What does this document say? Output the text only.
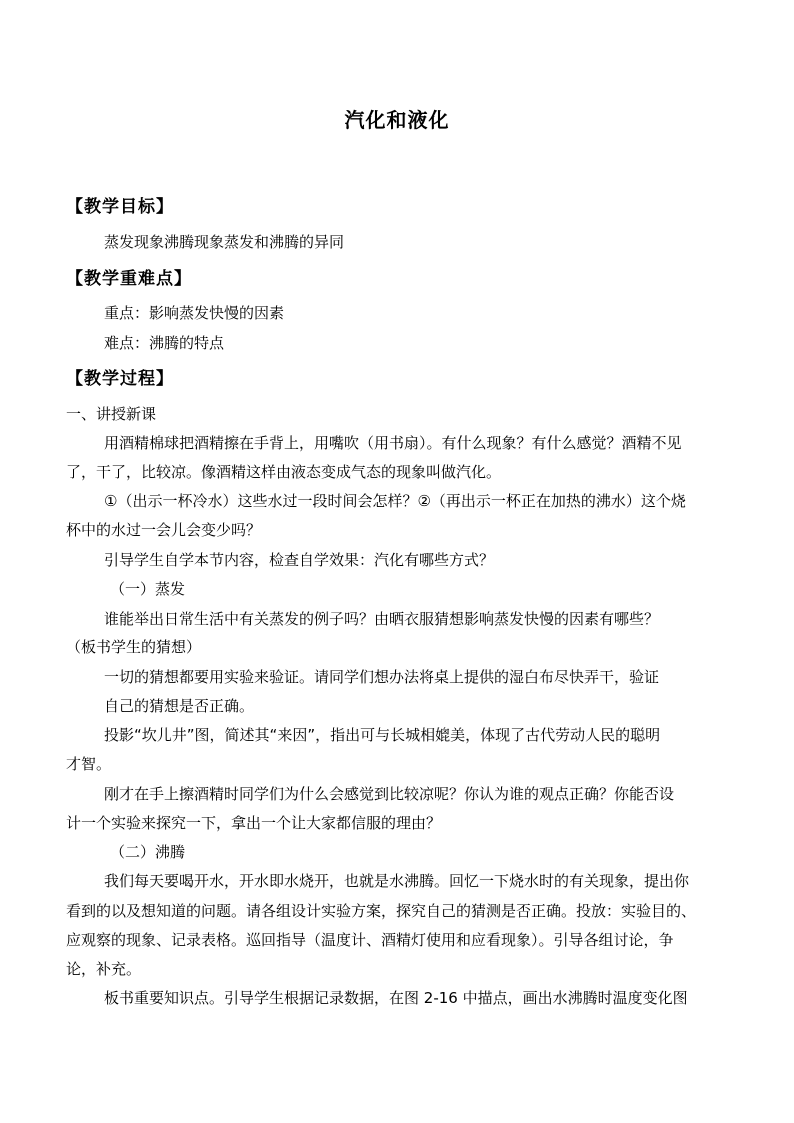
汽化和液化
【教学目标】
蒸发现象沸腾现象蒸发和沸腾的异同
【教学重难点】
重点：影响蒸发快慢的因素
难点：沸腾的特点
【教学过程】
一、讲授新课
用酒精棉球把酒精擦在手背上，用嘴吹（用书扇）。有什么现象？有什么感觉？酒精不见
了，干了，比较凉。像酒精这样由液态变成气态的现象叫做汽化。
①（出示一杯冷水）这些水过一段时间会怎样？②（再出示一杯正在加热的沸水）这个烧
杯中的水过一会儿会变少吗？
引导学生自学本节内容，检查自学效果：汽化有哪些方式？
（一）蒸发
谁能举出日常生活中有关蒸发的例子吗？由晒衣服猜想影响蒸发快慢的因素有哪些？
（板书学生的猜想）
一切的猜想都要用实验来验证。请同学们想办法将桌上提供的湿白布尽快弄干，验证
自己的猜想是否正确。
投影“坎儿井”图，简述其“来因”，指出可与长城相媲美，体现了古代劳动人民的聪明
才智。
刚才在手上擦酒精时同学们为什么会感觉到比较凉呢？你认为谁的观点正确？你能否设
计一个实验来探究一下，拿出一个让大家都信服的理由？
（二）沸腾
我们每天要喝开水，开水即水烧开，也就是水沸腾。回忆一下烧水时的有关现象，提出你
看到的以及想知道的问题。请各组设计实验方案，探究自己的猜测是否正确。投放：实验目的、
应观察的现象、记录表格。巡回指导（温度计、酒精灯使用和应看现象）。引导各组讨论，争
论，补充。
板书重要知识点。引导学生根据记录数据，在图 2-16 中描点，画出水沸腾时温度变化图
